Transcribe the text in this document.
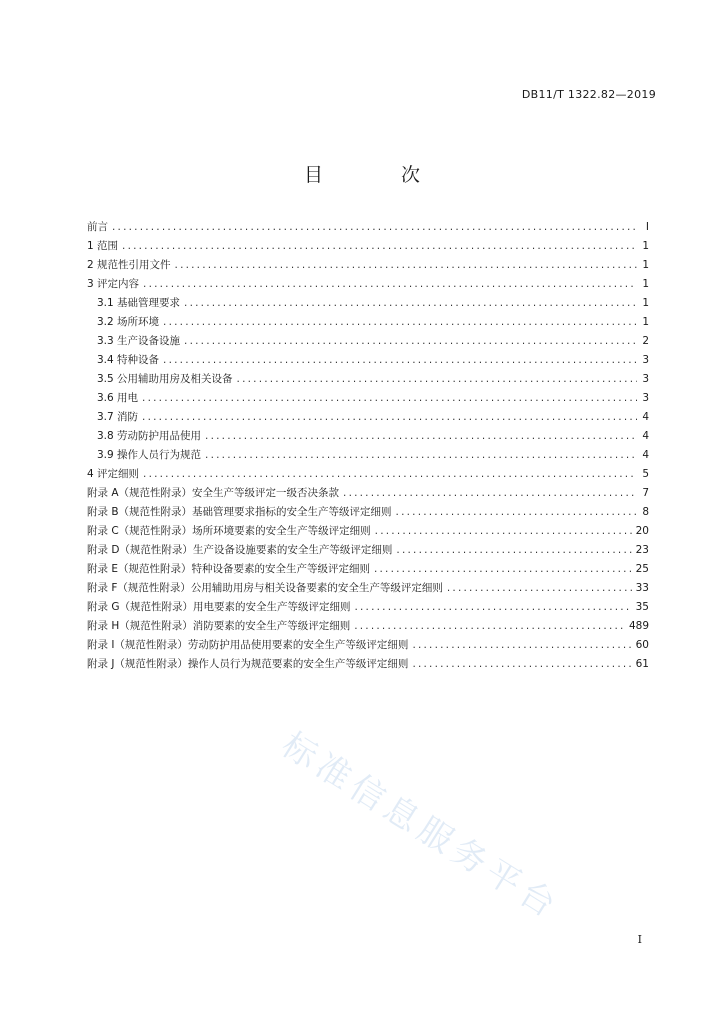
DB11/T 1322.82—2019
目 次
前言 .....	I
1 范围 .....	1
2 规范性引用文件 .....	1
3 评定内容 .....	1
3.1 基础管理要求 .....	1
3.2 场所环境 .....	1
3.3 生产设备设施 .....	2
3.4 特种设备 .....	3
3.5 公用辅助用房及相关设备 .....	3
3.6 用电 .....	3
3.7 消防 .....	4
3.8 劳动防护用品使用 .....	4
3.9 操作人员行为规范 .....	4
4 评定细则 .....	5
附录 A（规范性附录）安全生产等级评定一级否决条款 .....	7
附录 B（规范性附录）基础管理要求指标的安全生产等级评定细则 .....	8
附录 C（规范性附录）场所环境要素的安全生产等级评定细则 .....	20
附录 D（规范性附录）生产设备设施要素的安全生产等级评定细则 .....	23
附录 E（规范性附录）特种设备要素的安全生产等级评定细则 .....	25
附录 F（规范性附录）公用辅助用房与相关设备要素的安全生产等级评定细则 .....	33
附录 G（规范性附录）用电要素的安全生产等级评定细则 .....	35
附录 H（规范性附录）消防要素的安全生产等级评定细则 .....	489
附录 I（规范性附录）劳动防护用品使用要素的安全生产等级评定细则 .....	60
附录 J（规范性附录）操作人员行为规范要素的安全生产等级评定细则 .....	61
标准信息服务平台
I
